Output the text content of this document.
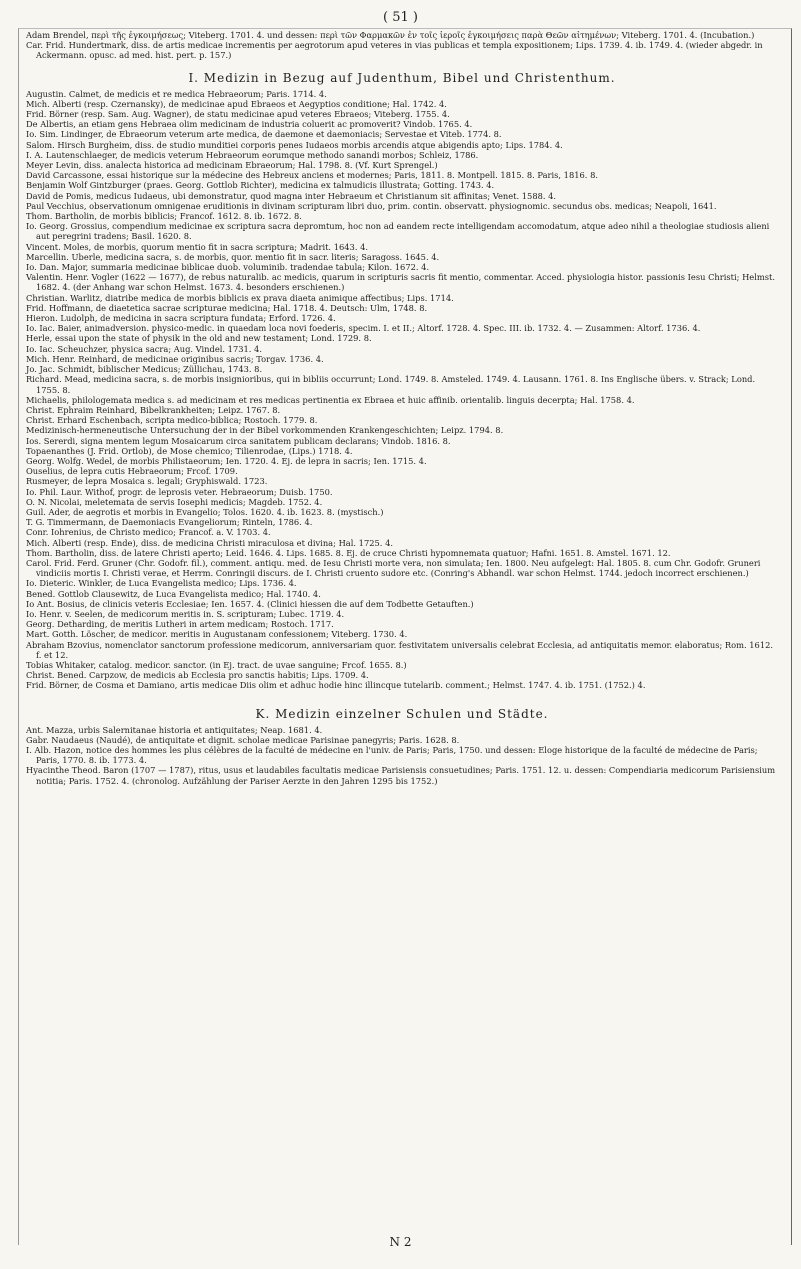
( 51 )

Adam Brendel, περὶ τῆς ἐγκοιμήσεως; Viteberg. 1701. 4. und dessen: περὶ τῶν Φαρμακῶν ἐν τοῖς ἱεροῖς ἐγκοιμήσεις παρὰ Θεῶν αἰτημένων; Viteberg. 1701. 4. (Incubation.)

Car. Frid. Hundertmark, diss. de artis medicae incrementis per aegrotorum apud veteres in vias publicas et templa expositionem; Lips. 1739. 4. ib. 1749. 4. (wieder abgedr. in Ackermann. opusc. ad med. hist. pert. p. 157.)

I. Medizin in Bezug auf Judenthum, Bibel und Christenthum.

Augustin. Calmet, de medicis et re medica Hebraeorum; Paris. 1714. 4.

Mich. Alberti (resp. Czernansky), de medicinae apud Ebraeos et Aegyptios conditione; Hal. 1742. 4.

Frid. Börner (resp. Sam. Aug. Wagner), de statu medicinae apud veteres Ebraeos; Viteberg. 1755. 4.

De Albertis, an etiam gens Hebraea olim medicinam de industria coluerit ac promoverit? Vindob. 1765. 4.

Io. Sim. Lindinger, de Ebraeorum veterum arte medica, de daemone et daemoniacis; Servestae et Viteb. 1774. 8.

Salom. Hirsch Burgheim, diss. de studio munditiei corporis penes Iudaeos morbis arcendis atque abigendis apto; Lips. 1784. 4.

I. A. Lautenschlaeger, de medicis veterum Hebraeorum eorumque methodo sanandi morbos; Schleiz, 1786.

Meyer Levin, diss. analecta historica ad medicinam Ebraeorum; Hal. 1798. 8. (Vf. Kurt Sprengel.)

David Carcassone, essai historique sur la médecine des Hebreux anciens et modernes; Paris, 1811. 8. Montpell. 1815. 8. Paris, 1816. 8.

Benjamin Wolf Gintzburger (praes. Georg. Gottlob Richter), medicina ex talmudicis illustrata; Gotting. 1743. 4.

David de Pomis, medicus Iudaeus, ubi demonstratur, quod magna inter Hebraeum et Christianum sit affinitas; Venet. 1588. 4.

Paul Vecchius, observationum omnigenae eruditionis in divinam scripturam libri duo, prim. contin. observatt. physiognomic. secundus obs. medicas; Neapoli, 1641.

Thom. Bartholin, de morbis biblicis; Francof. 1612. 8. ib. 1672. 8.

Io. Georg. Grossius, compendium medicinae ex scriptura sacra depromtum, hoc non ad eandem recte intelligendam accomodatum, atque adeo nihil a theologiae studiosis alieni aut peregrini tradens; Basil. 1620. 8.

Vincent. Moles, de morbis, quorum mentio fit in sacra scriptura; Madrit. 1643. 4.

Marcellin. Uberle, medicina sacra, s. de morbis, quor. mentio fit in sacr. literis; Saragoss. 1645. 4.

Io. Dan. Major, summaria medicinae biblicae duob. voluminib. tradendae tabula; Kilon. 1672. 4.

Valentin. Henr. Vogler (1622 — 1677), de rebus naturalib. ac medicis, quarum in scripturis sacris fit mentio, commentar. Acced. physiologia histor. passionis Iesu Christi; Helmst. 1682. 4. (der Anhang war schon Helmst. 1673. 4. besonders erschienen.)

Christian. Warlitz, diatribe medica de morbis biblicis ex prava diaeta animique affectibus; Lips. 1714.

Frid. Hoffmann, de diaetetica sacrae scripturae medicina; Hal. 1718. 4. Deutsch: Ulm, 1748. 8.

Hieron. Ludolph, de medicina in sacra scriptura fundata; Erford. 1726. 4.

Io. Iac. Baier, animadversion. physico-medic. in quaedam loca novi foederis, specim. I. et II.; Altorf. 1728. 4. Spec. III. ib. 1732. 4. — Zusammen: Altorf. 1736. 4.

Herle, essai upon the state of physik in the old and new testament; Lond. 1729. 8.

Io. Iac. Scheuchzer, physica sacra; Aug. Vindel. 1731. 4.

Mich. Henr. Reinhard, de medicinae originibus sacris; Torgav. 1736. 4.

Jo. Jac. Schmidt, biblischer Medicus; Züllichau, 1743. 8.

Richard. Mead, medicina sacra, s. de morbis insignioribus, qui in bibliis occurrunt; Lond. 1749. 8. Amsteled. 1749. 4. Lausann. 1761. 8. Ins Englische übers. v. Strack; Lond. 1755. 8.

Michaelis, philologemata medica s. ad medicinam et res medicas pertinentia ex Ebraea et huic affinib. orientalib. linguis decerpta; Hal. 1758. 4.

Christ. Ephraim Reinhard, Bibelkrankheiten; Leipz. 1767. 8.

Christ. Erhard Eschenbach, scripta medico-biblica; Rostoch. 1779. 8.

Medizinisch-hermeneutische Untersuchung der in der Bibel vorkommenden Krankengeschichten; Leipz. 1794. 8.

Ios. Sererdi, signa mentem legum Mosaicarum circa sanitatem publicam declarans; Vindob. 1816. 8.

Topaenanthes (J. Frid. Ortlob), de Mose chemico; Tilienrodae, (Lips.) 1718. 4.

Georg. Wolfg. Wedel, de morbis Philistaeorum; Ien. 1720. 4. Ej. de lepra in sacris; Ien. 1715. 4.

Ouselius, de lepra cutis Hebraeorum; Frcof. 1709.

Rusmeyer, de lepra Mosaica s. legali; Gryphiswald. 1723.

Io. Phil. Laur. Withof, progr. de leprosis veter. Hebraeorum; Duisb. 1750.

O. N. Nicolai, meletemata de servis Iosephi medicis; Magdeb. 1752. 4.

Guil. Ader, de aegrotis et morbis in Evangelio; Tolos. 1620. 4. ib. 1623. 8. (mystisch.)

T. G. Timmermann, de Daemoniacis Evangeliorum; Rinteln, 1786. 4.

Conr. Iohrenius, de Christo medico; Francof. a. V. 1703. 4.

Mich. Alberti (resp. Ende), diss. de medicina Christi miraculosa et divina; Hal. 1725. 4.

Thom. Bartholin, diss. de latere Christi aperto; Leid. 1646. 4. Lips. 1685. 8. Ej. de cruce Christi hypomnemata quatuor; Hafni. 1651. 8. Amstel. 1671. 12.

Carol. Frid. Ferd. Gruner (Chr. Godofr. fil.), comment. antiqu. med. de Iesu Christi morte vera, non simulata; Ien. 1800. Neu aufgelegt: Hal. 1805. 8. cum Chr. Godofr. Gruneri vindiciis mortis I. Christi verae, et Herrm. Conringii discurs. de I. Christi cruento sudore etc. (Conring's Abhandl. war schon Helmst. 1744. jedoch incorrect erschienen.)

Io. Dieteric. Winkler, de Luca Evangelista medico; Lips. 1736. 4.

Bened. Gottlob Clausewitz, de Luca Evangelista medico; Hal. 1740. 4.

Io Ant. Bosius, de clinicis veteris Ecclesiae; Ien. 1657. 4. (Clinici hiessen die auf dem Todbette Getauften.)

Io. Henr. v. Seelen, de medicorum meritis in. S. scripturam; Lubec. 1719. 4.

Georg. Detharding, de meritis Lutheri in artem medicam; Rostoch. 1717.

Mart. Gotth. Löscher, de medicor. meritis in Augustanam confessionem; Viteberg. 1730. 4.

Abraham Bzovius, nomenclator sanctorum professione medicorum, anniversariam quor. festivitatem universalis celebrat Ecclesia, ad antiquitatis memor. elaboratus; Rom. 1612. f. et 12.

Tobias Whitaker, catalog. medicor. sanctor. (in Ej. tract. de uvae sanguine; Frcof. 1655. 8.)

Christ. Bened. Carpzow, de medicis ab Ecclesia pro sanctis habitis; Lips. 1709. 4.

Frid. Börner, de Cosma et Damiano, artis medicae Diis olim et adhuc hodie hinc illincque tutelarib. comment.; Helmst. 1747. 4. ib. 1751. (1752.) 4.

K. Medizin einzelner Schulen und Städte.

Ant. Mazza, urbis Salernitanae historia et antiquitates; Neap. 1681. 4.

Gabr. Naudaeus (Naudé), de antiquitate et dignit. scholae medicae Parisinae panegyris; Paris. 1628. 8.

I. Alb. Hazon, notice des hommes les plus célèbres de la faculté de médecine en l'univ. de Paris; Paris, 1750. und dessen: Eloge historique de la faculté de médecine de Paris; Paris, 1770. 8. ib. 1773. 4.

Hyacinthe Theod. Baron (1707 — 1787), ritus, usus et laudabiles facultatis medicae Parisiensis consuetudines; Paris. 1751. 12. u. dessen: Compendiaria medicorum Parisiensium notitia; Paris. 1752. 4. (chronolog. Aufzählung der Pariser Aerzte in den Jahren 1295 bis 1752.)

N 2
